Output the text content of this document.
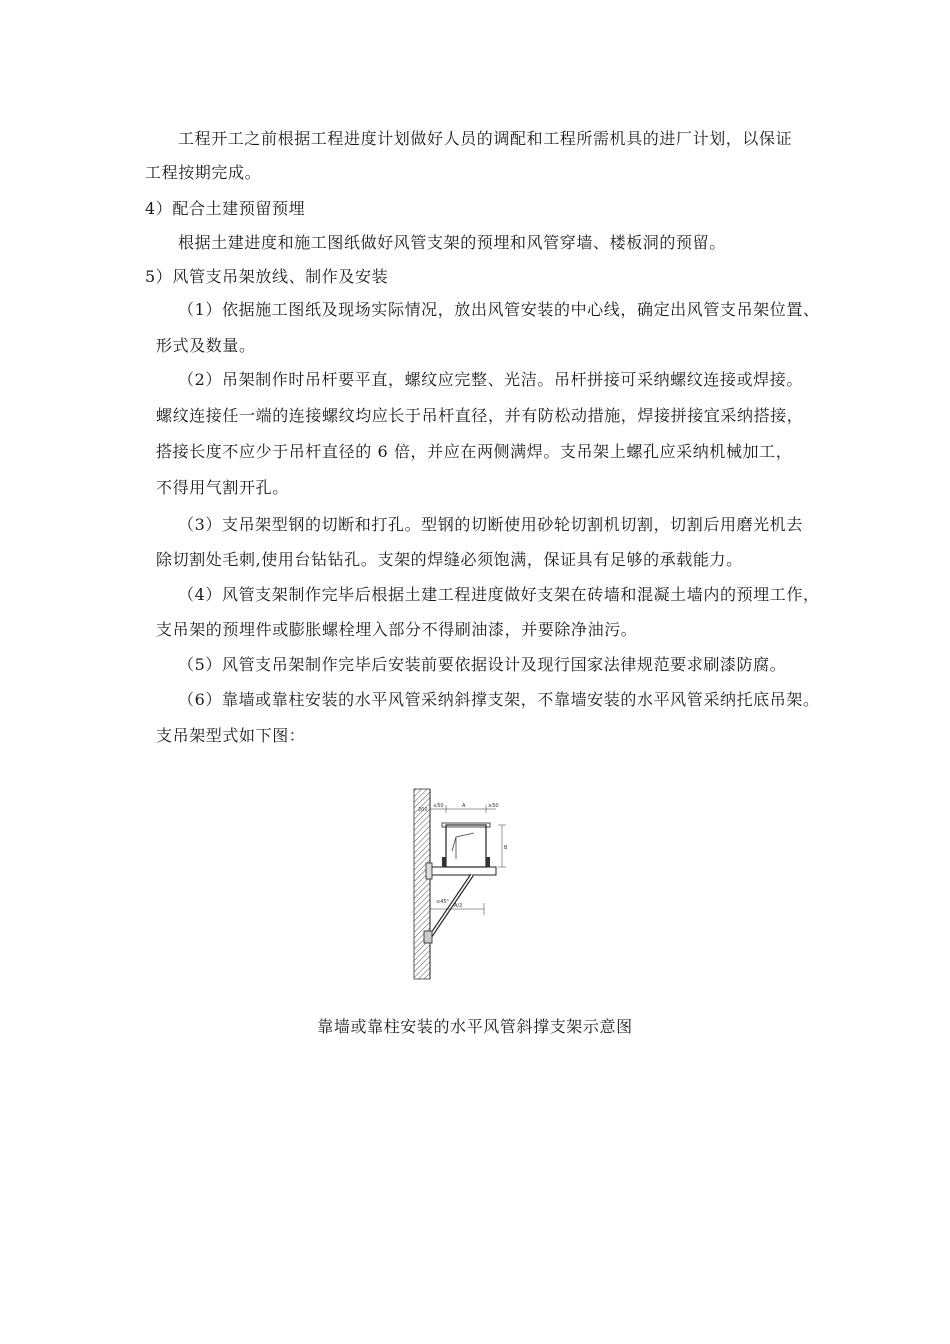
工程开工之前根据工程进度计划做好人员的调配和工程所需机具的进厂计划，以保证
工程按期完成。
4）配合土建预留预埋
根据土建进度和施工图纸做好风管支架的预埋和风管穿墙、楼板洞的预留。
5）风管支吊架放线、制作及安装
（1）依据施工图纸及现场实际情况，放出风管安装的中心线，确定出风管支吊架位置、
形式及数量。
（2）吊架制作时吊杆要平直，螺纹应完整、光洁。吊杆拼接可采纳螺纹连接或焊接。
螺纹连接任一端的连接螺纹均应长于吊杆直径，并有防松动措施，焊接拼接宜采纳搭接，
搭接长度不应少于吊杆直径的 6 倍，并应在两侧满焊。支吊架上螺孔应采纳机械加工，
不得用气割开孔。
（3）支吊架型钢的切断和打孔。型钢的切断使用砂轮切割机切割，切割后用磨光机去
除切割处毛刺,使用台钻钻孔。支架的焊缝必须饱满，保证具有足够的承载能力。
（4）风管支架制作完毕后根据土建工程进度做好支架在砖墙和混凝土墙内的预埋工作，
支吊架的预埋件或膨胀螺栓埋入部分不得刷油漆，并要除净油污。
（5）风管支吊架制作完毕后安装前要依据设计及现行国家法律规范要求刷漆防腐。
（6）靠墙或靠柱安装的水平风管采纳斜撑支架，不靠墙安装的水平风管采纳托底吊架。
支吊架型式如下图：
≤50	A	≥50
200
B
≤45°
A/2
靠墙或靠柱安装的水平风管斜撑支架示意图
